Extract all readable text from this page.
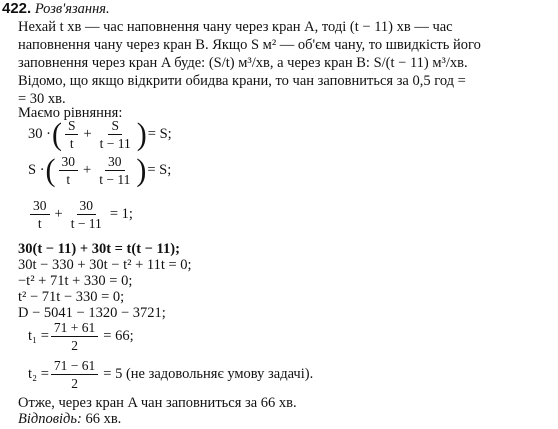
422. Розв'язання.
Нехай t хв — час наповнення чану через кран A, тоді (t − 11) хв — час
наповнення чану через кран B. Якщо S м² — об'єм чану, то швидкість його
заповнення через кран A буде: (S/t) м³/хв, а через кран B: S/(t − 11) м³/хв.
Відомо, що якщо відкрити обидва крани, то чан заповниться за 0,5 год =
= 30 хв.
Маємо рівняння:
30 · ( $\frac{S}{t} + \frac{S}{t - 11}$ ) = S;
S · ( $\frac{30}{t} + \frac{30}{t - 11}$ ) = S;
$\frac{30}{t} + \frac{30}{t - 11} = 1$;
30(t − 11) + 30t = t(t − 11);
30t − 330 + 30t − t² + 11t = 0;
−t² + 71t + 330 = 0;
t² − 71t − 330 = 0;
D − 5041 − 1320 − 3721;
$t_1 = \frac{71 + 61}{2} = 66$;
$t_2 = \frac{71 - 61}{2} = 5$ (не задовольняє умову задачі).
Отже, через кран A чан заповниться за 66 хв.
Відповідь: 66 хв.
